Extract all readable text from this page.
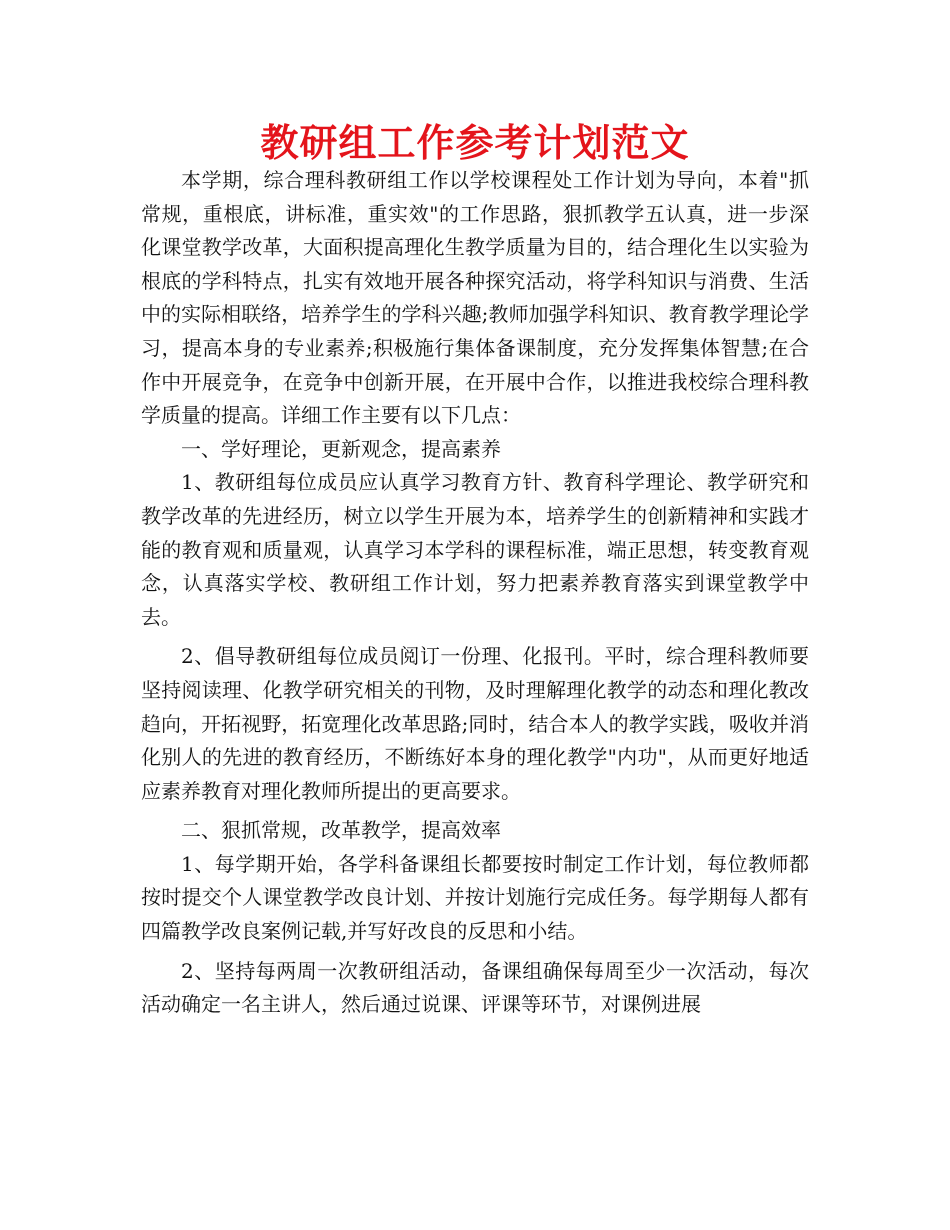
教研组工作参考计划范文

本学期，综合理科教研组工作以学校课程处工作计划为导向，本着"抓常规，重根底，讲标准，重实效"的工作思路，狠抓教学五认真，进一步深化课堂教学改革，大面积提高理化生教学质量为目的，结合理化生以实验为根底的学科特点，扎实有效地开展各种探究活动，将学科知识与消费、生活中的实际相联络，培养学生的学科兴趣;教师加强学科知识、教育教学理论学习，提高本身的专业素养;积极施行集体备课制度，充分发挥集体智慧;在合作中开展竞争，在竞争中创新开展，在开展中合作，以推进我校综合理科教学质量的提高。详细工作主要有以下几点：

一、学好理论，更新观念，提高素养

1、教研组每位成员应认真学习教育方针、教育科学理论、教学研究和教学改革的先进经历，树立以学生开展为本，培养学生的创新精神和实践才能的教育观和质量观，认真学习本学科的课程标准，端正思想，转变教育观念，认真落实学校、教研组工作计划，努力把素养教育落实到课堂教学中去。

2、倡导教研组每位成员阅订一份理、化报刊。平时，综合理科教师要坚持阅读理、化教学研究相关的刊物，及时理解理化教学的动态和理化教改趋向，开拓视野，拓宽理化改革思路;同时，结合本人的教学实践，吸收并消化别人的先进的教育经历，不断练好本身的理化教学"内功"，从而更好地适应素养教育对理化教师所提出的更高要求。

二、狠抓常规，改革教学，提高效率

1、每学期开始，各学科备课组长都要按时制定工作计划，每位教师都按时提交个人课堂教学改良计划、并按计划施行完成任务。每学期每人都有四篇教学改良案例记载,并写好改良的反思和小结。

2、坚持每两周一次教研组活动，备课组确保每周至少一次活动，每次活动确定一名主讲人，然后通过说课、评课等环节，对课例进展
